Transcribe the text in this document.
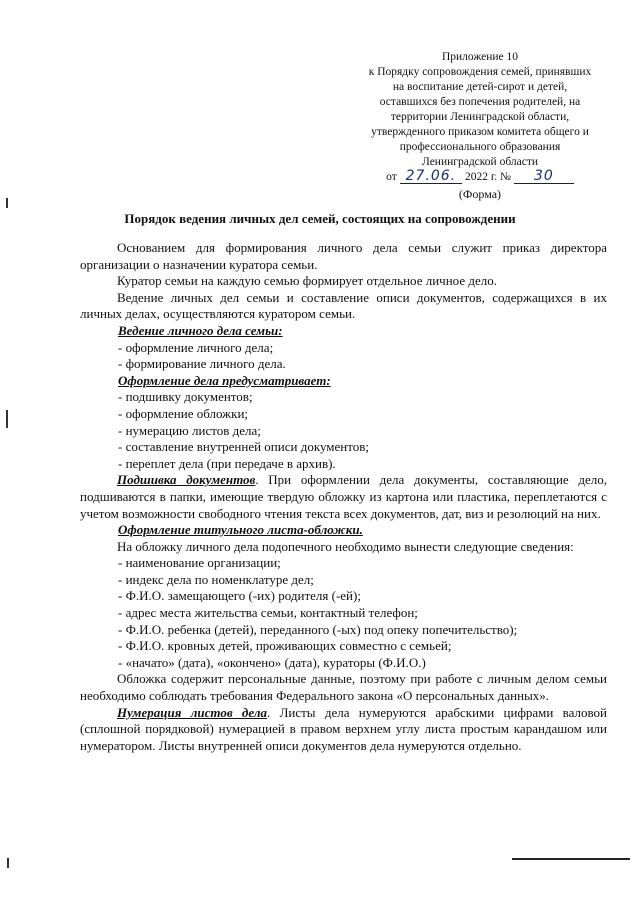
Приложение 10
к Порядку сопровождения семей, принявших
на воспитание детей-сирот и детей,
оставшихся без попечения родителей, на
территории Ленинградской области,
утвержденного приказом комитета общего и
профессионального образования
Ленинградской области
от 27.06. 2022 г. № 30
(Форма)
Порядок ведения личных дел семей, состоящих на сопровождении

Основанием для формирования личного дела семьи служит приказ директора организации о назначении куратора семьи.

Куратор семьи на каждую семью формирует отдельное личное дело.

Ведение личных дел семьи и составление описи документов, содержащихся в их личных делах, осуществляются куратором семьи.

Ведение личного дела семьи:

- оформление личного дела;

- формирование личного дела.

Оформление дела предусматривает:

- подшивку документов;

- оформление обложки;

- нумерацию листов дела;

- составление внутренней описи документов;

- переплет дела (при передаче в архив).

Подшивка документов. При оформлении дела документы, составляющие дело, подшиваются в папки, имеющие твердую обложку из картона или пластика, переплетаются с учетом возможности свободного чтения текста всех документов, дат, виз и резолюций на них.

Оформление титульного листа-обложки.

На обложку личного дела подопечного необходимо вынести следующие сведения:

- наименование организации;

- индекс дела по номенклатуре дел;

- Ф.И.О. замещающего (-их) родителя (-ей);

- адрес места жительства семьи, контактный телефон;

- Ф.И.О. ребенка (детей), переданного (-ых) под опеку попечительство);

- Ф.И.О. кровных детей, проживающих совместно с семьей;

- «начато» (дата), «окончено» (дата), кураторы (Ф.И.О.)

Обложка содержит персональные данные, поэтому при работе с личным делом семьи необходимо соблюдать требования Федерального закона «О персональных данных».

Нумерация листов дела. Листы дела нумеруются арабскими цифрами валовой (сплошной порядковой) нумерацией в правом верхнем углу листа простым карандашом или нумератором. Листы внутренней описи документов дела нумеруются отдельно.
